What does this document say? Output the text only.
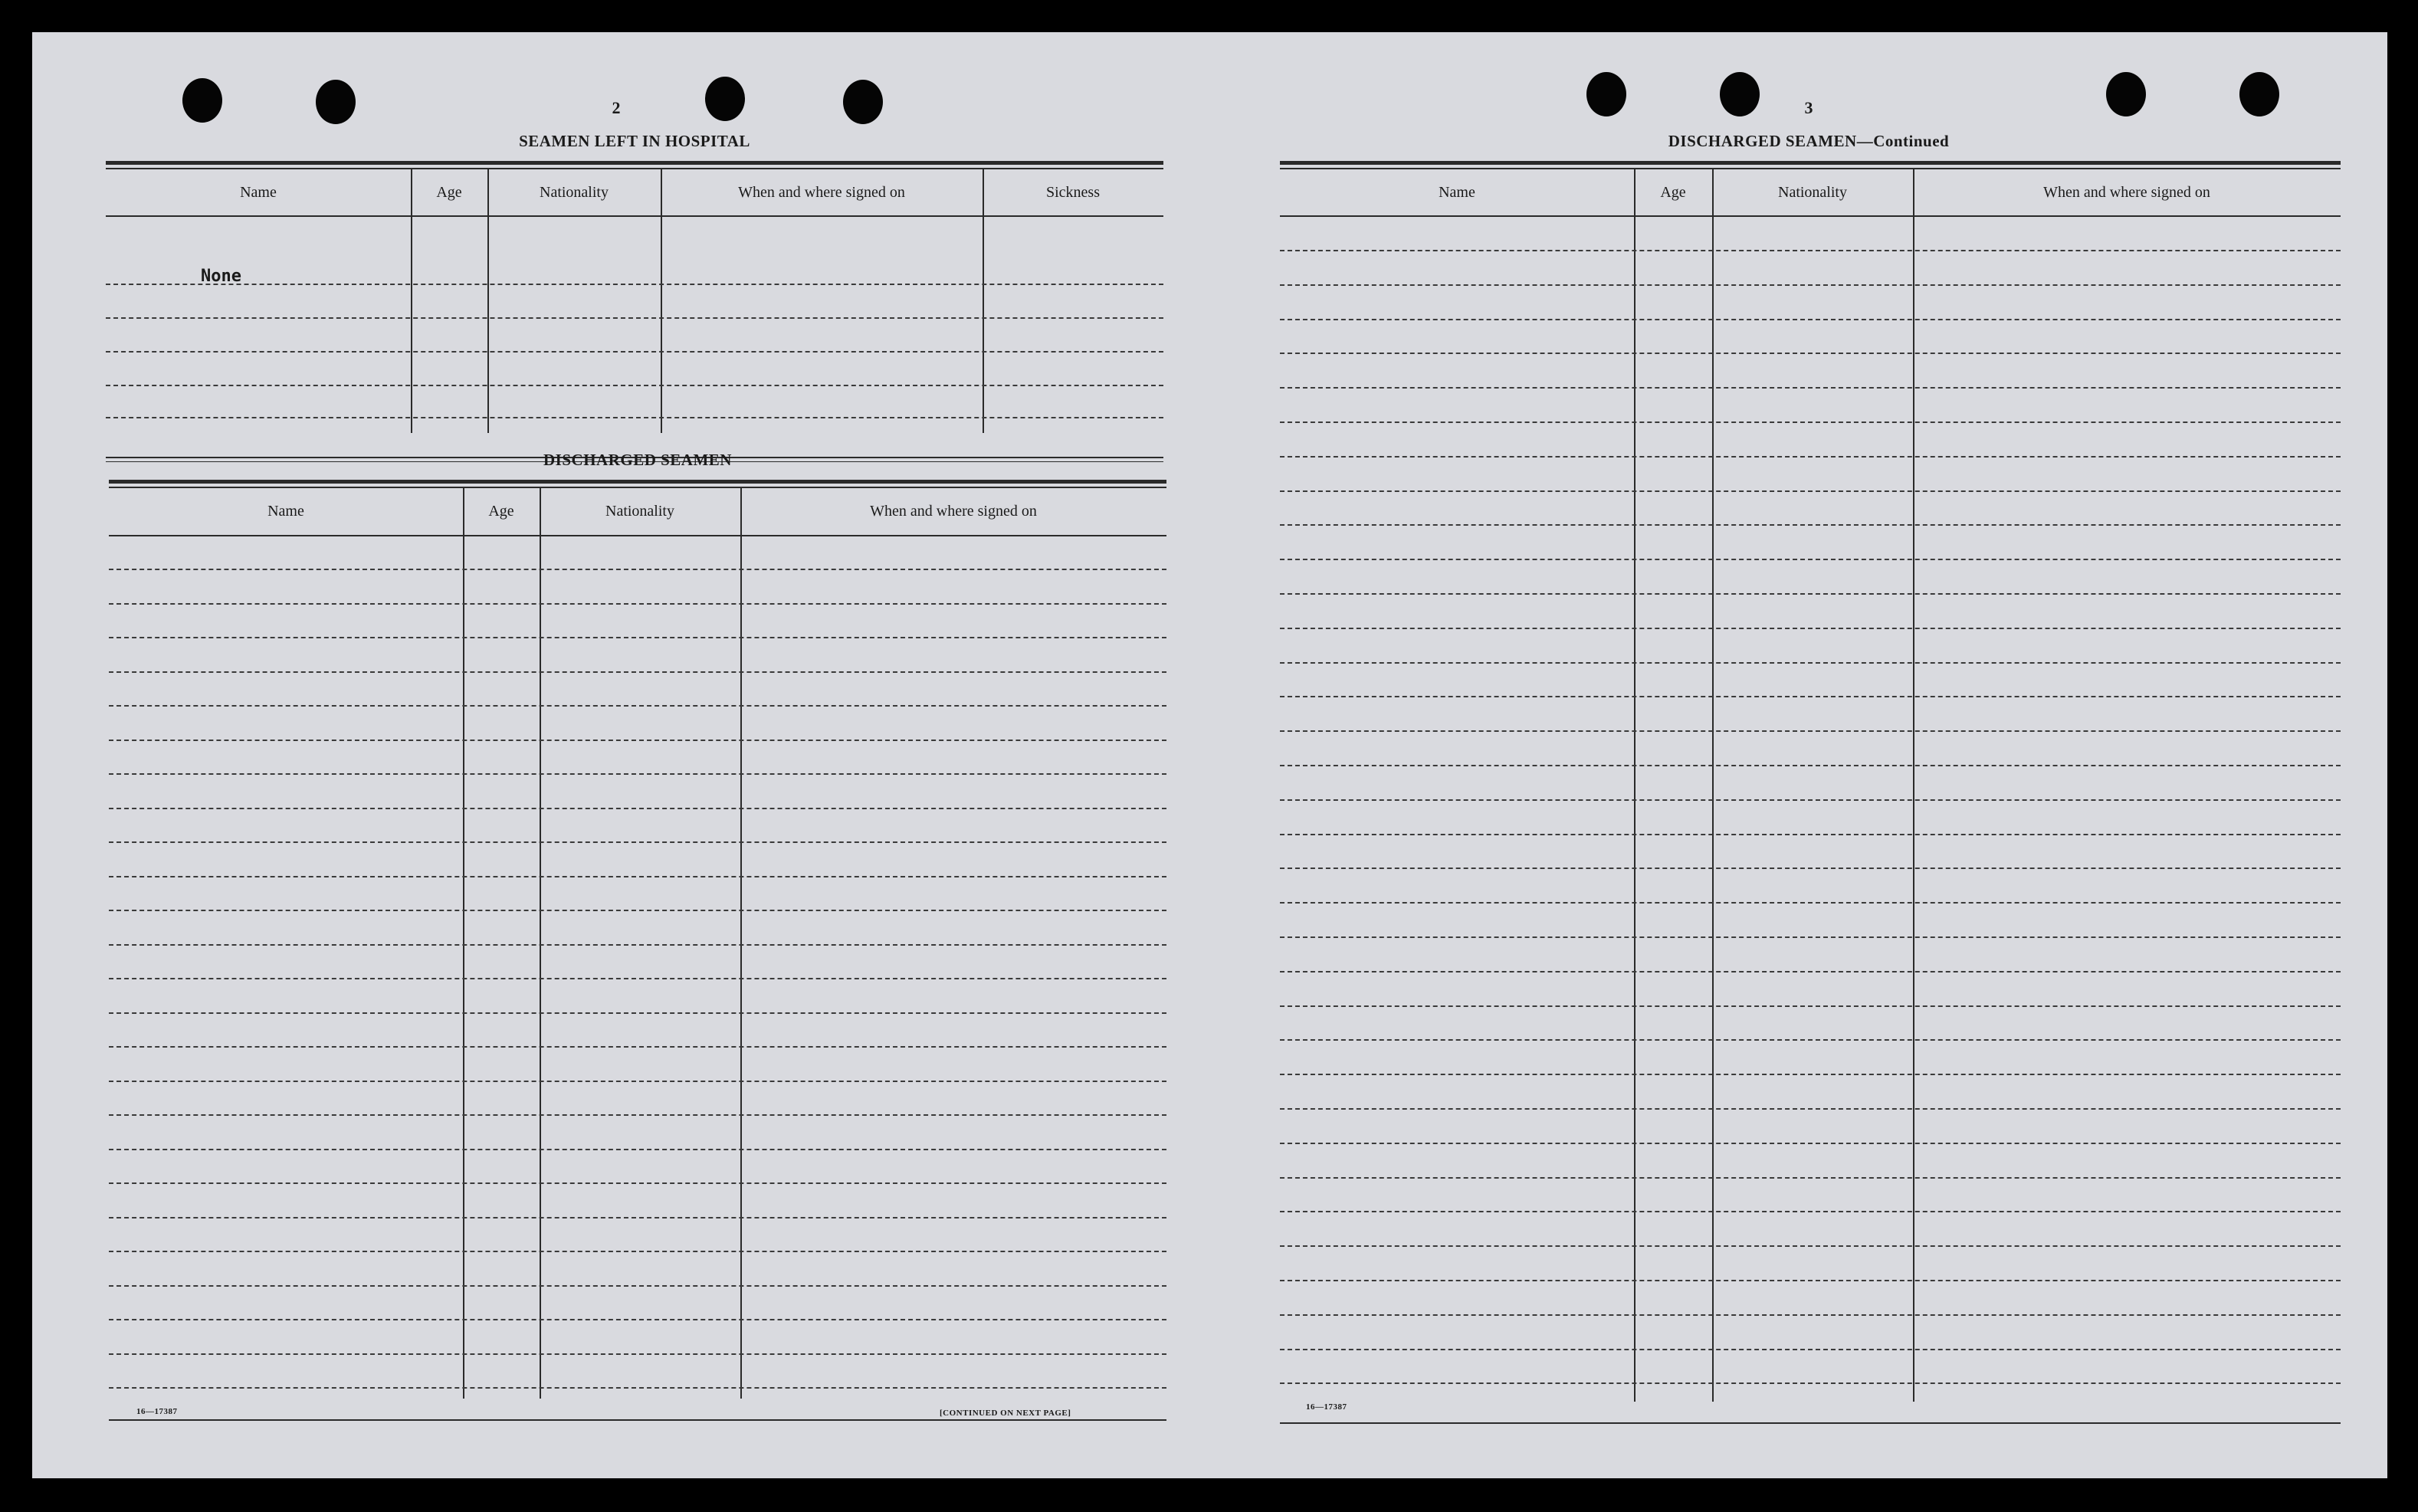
2
SEAMEN LEFT IN HOSPITAL
Name	Age	Nationality	When and where signed on	Sickness
None
DISCHARGED SEAMEN
Name	Age	Nationality	When and where signed on
16—17387	[CONTINUED ON NEXT PAGE]
3
DISCHARGED SEAMEN—Continued
Name	Age	Nationality	When and where signed on
16—17387
